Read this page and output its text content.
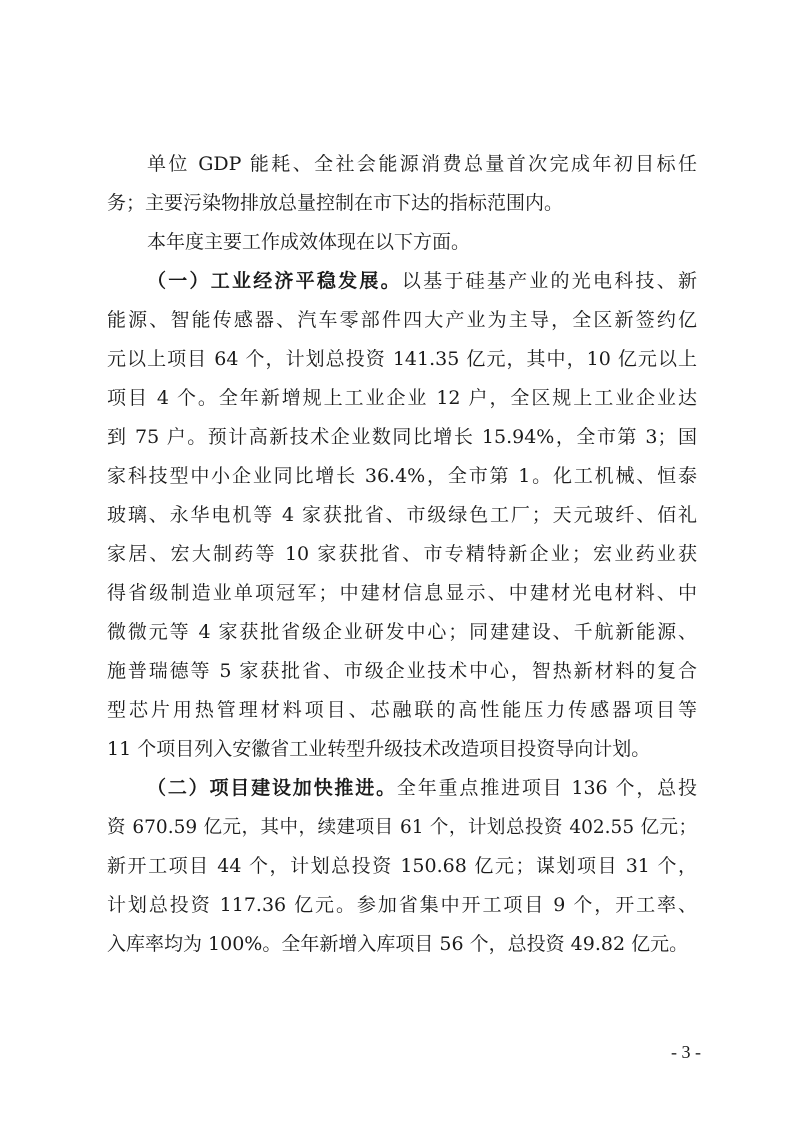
单位 GDP 能耗、全社会能源消费总量首次完成年初目标任
务；主要污染物排放总量控制在市下达的指标范围内。
本年度主要工作成效体现在以下方面。
（一）工业经济平稳发展。以基于硅基产业的光电科技、新
能源、智能传感器、汽车零部件四大产业为主导，全区新签约亿
元以上项目 64 个，计划总投资 141.35 亿元，其中，10 亿元以上
项目 4 个。全年新增规上工业企业 12 户，全区规上工业企业达
到 75 户。预计高新技术企业数同比增长 15.94%，全市第 3；国
家科技型中小企业同比增长 36.4%，全市第 1。化工机械、恒泰
玻璃、永华电机等 4 家获批省、市级绿色工厂；天元玻纤、佰礼
家居、宏大制药等 10 家获批省、市专精特新企业；宏业药业获
得省级制造业单项冠军；中建材信息显示、中建材光电材料、中
微微元等 4 家获批省级企业研发中心；同建建设、千航新能源、
施普瑞德等 5 家获批省、市级企业技术中心，智热新材料的复合
型芯片用热管理材料项目、芯融联的高性能压力传感器项目等
11 个项目列入安徽省工业转型升级技术改造项目投资导向计划。
（二）项目建设加快推进。全年重点推进项目 136 个，总投
资 670.59 亿元，其中，续建项目 61 个，计划总投资 402.55 亿元；
新开工项目 44 个，计划总投资 150.68 亿元；谋划项目 31 个，
计划总投资 117.36 亿元。参加省集中开工项目 9 个，开工率、
入库率均为 100%。全年新增入库项目 56 个，总投资 49.82 亿元。
- 3 -
